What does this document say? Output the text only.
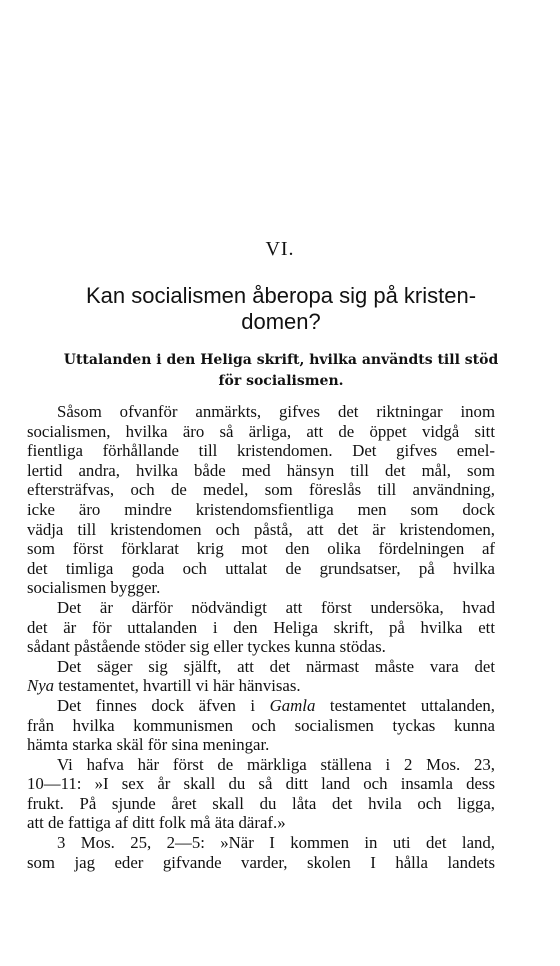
VI.
Kan socialismen åberopa sig på kristen-
domen?
Uttalanden i den Heliga skrift, hvilka användts till stöd
för socialismen.
Såsom ofvanför anmärkts, gifves det riktningar inom
socialismen, hvilka äro så ärliga, att de öppet vidgå sitt
fientliga förhållande till kristendomen. Det gifves emel-
lertid andra, hvilka både med hänsyn till det mål, som
eftersträfvas, och de medel, som föreslås till användning,
icke äro mindre kristendomsfientliga men som dock
vädja till kristendomen och påstå, att det är kristendomen,
som först förklarat krig mot den olika fördelningen af
det timliga goda och uttalat de grundsatser, på hvilka
socialismen bygger.
Det är därför nödvändigt att först undersöka, hvad
det är för uttalanden i den Heliga skrift, på hvilka ett
sådant påstående stöder sig eller tyckes kunna stödas.
Det säger sig själft, att det närmast måste vara det
Nya testamentet, hvartill vi här hänvisas.
Det finnes dock äfven i Gamla testamentet uttalanden,
från hvilka kommunismen och socialismen tyckas kunna
hämta starka skäl för sina meningar.
Vi hafva här först de märkliga ställena i 2 Mos. 23,
10—11: »I sex år skall du så ditt land och insamla dess
frukt. På sjunde året skall du låta det hvila och ligga,
att de fattiga af ditt folk må äta däraf.»
3 Mos. 25, 2—5: »När I kommen in uti det land,
som jag eder gifvande varder, skolen I hålla landets
